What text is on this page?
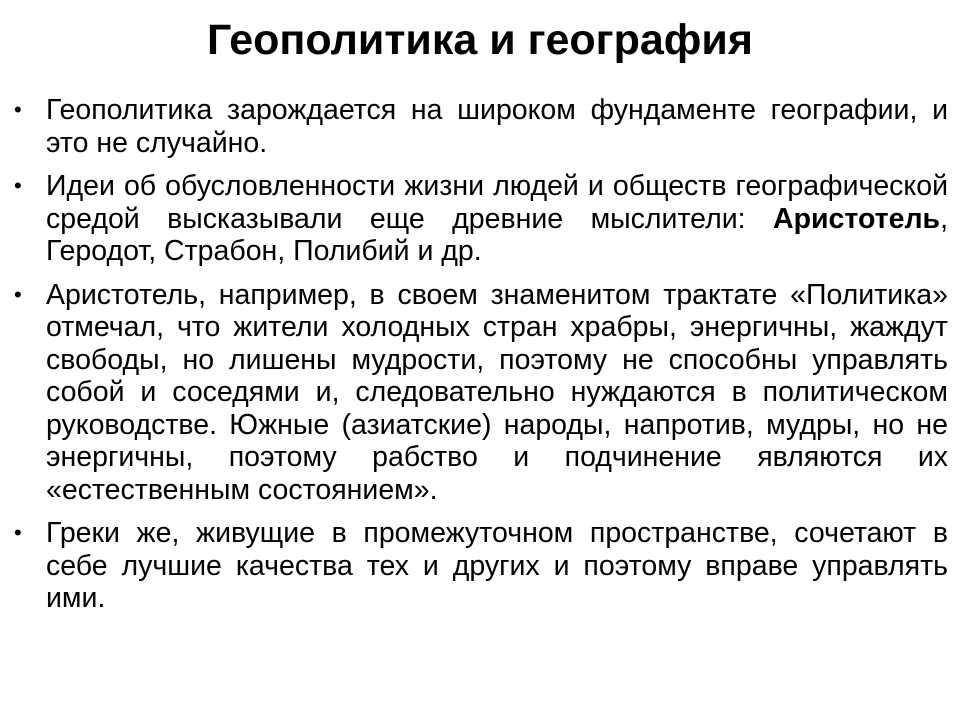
Геополитика и география
• Геополитика зарождается на широком фундаменте географии, и это не случайно.
• Идеи об обусловленности жизни людей и обществ географической средой высказывали еще древние мыслители: Аристотель, Геродот, Страбон, Полибий и др.
• Аристотель, например, в своем знаменитом трактате «Политика» отмечал, что жители холодных стран храбры, энергичны, жаждут свободы, но лишены мудрости, поэтому не способны управлять собой и соседями и, следовательно нуждаются в политическом руководстве. Южные (азиатские) народы, напротив, мудры, но не энергичны, поэтому рабство и подчинение являются их «естественным состоянием».
• Греки же, живущие в промежуточном пространстве, сочетают в себе лучшие качества тех и других и поэтому вправе управлять ими.
